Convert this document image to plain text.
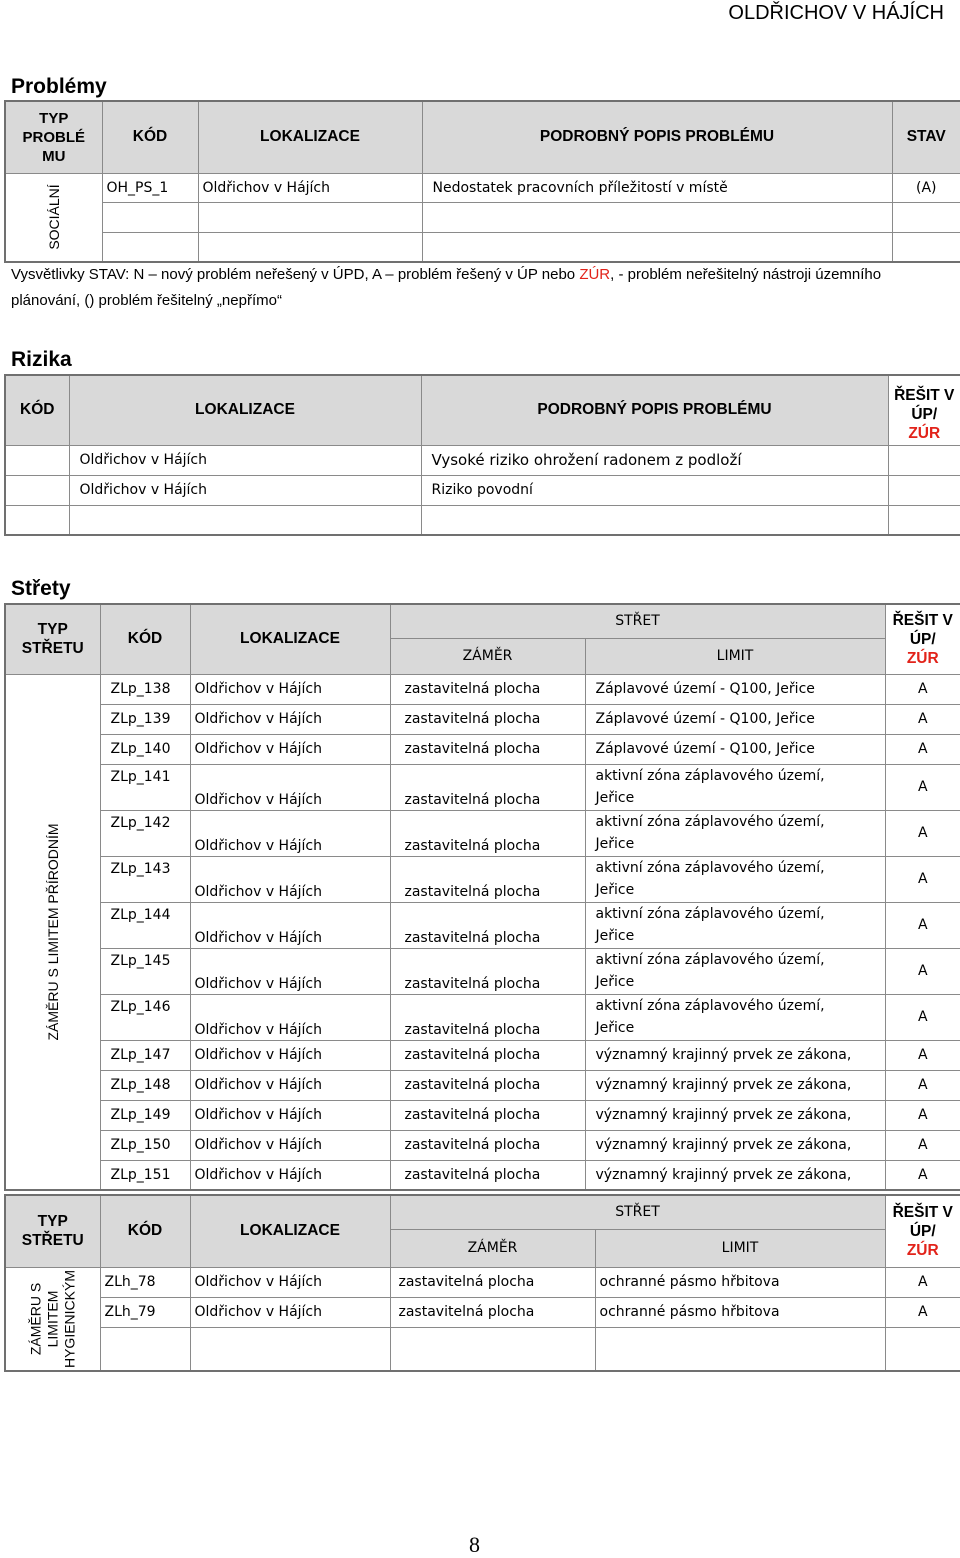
OLDŘICHOV V HÁJÍCH
Problémy
TYP PROBLÉ MU	KÓD	LOKALIZACE	PODROBNÝ POPIS PROBLÉMU	STAV

SOCIÁLNÍ	OH_PS_1	Oldřichov v Hájích	Nedostatek pracovních příležitostí v místě	(A)

Vysvětlivky STAV: N – nový problém neřešený v ÚPD, A – problém řešený v ÚP nebo ZÚR, - problém neřešitelný nástroji územního plánování, () problém řešitelný „nepřímo“
Rizika
KÓD	LOKALIZACE	PODROBNÝ POPIS PROBLÉMU	ŘEŠIT V ÚP/
ZÚR
	Oldřichov v Hájích	Vysoké riziko ohrožení radonem z podloží	
	Oldřichov v Hájích	Riziko povodní	

Střety
TYP STŘETU	KÓD	LOKALIZACE	STŘET		ŘEŠIT V ÚP/
ZÚR
			ZÁMĚR	LIMIT	

ZÁMĚRU S LIMITEM PŘÍRODNÍM	ZLp_138	Oldřichov v Hájích	zastavitelná plocha	Záplavové území - Q100, Jeřice	A
	ZLp_139	Oldřichov v Hájích	zastavitelná plocha	Záplavové území - Q100, Jeřice	A
	ZLp_140	Oldřichov v Hájích	zastavitelná plocha	Záplavové území - Q100, Jeřice	A
	ZLp_141	Oldřichov v Hájích	zastavitelná plocha	aktivní zóna záplavového území,
Jeřice	A
	ZLp_142	Oldřichov v Hájích	zastavitelná plocha	aktivní zóna záplavového území,
Jeřice	A
	ZLp_143	Oldřichov v Hájích	zastavitelná plocha	aktivní zóna záplavového území,
Jeřice	A
	ZLp_144	Oldřichov v Hájích	zastavitelná plocha	aktivní zóna záplavového území,
Jeřice	A
	ZLp_145	Oldřichov v Hájích	zastavitelná plocha	aktivní zóna záplavového území,
Jeřice	A
	ZLp_146	Oldřichov v Hájích	zastavitelná plocha	aktivní zóna záplavového území,
Jeřice	A
	ZLp_147	Oldřichov v Hájích	zastavitelná plocha	významný krajinný prvek ze zákona,	A
	ZLp_148	Oldřichov v Hájích	zastavitelná plocha	významný krajinný prvek ze zákona,	A
	ZLp_149	Oldřichov v Hájích	zastavitelná plocha	významný krajinný prvek ze zákona,	A
	ZLp_150	Oldřichov v Hájích	zastavitelná plocha	významný krajinný prvek ze zákona,	A
	ZLp_151	Oldřichov v Hájích	zastavitelná plocha	významný krajinný prvek ze zákona,	A
TYP STŘETU	KÓD	LOKALIZACE	STŘET		ŘEŠIT V ÚP/
ZÚR
			ZÁMĚR	LIMIT	

ZÁMĚRU S LIMITEM HYGIENICKÝM	ZLh_78	Oldřichov v Hájích	zastavitelná plocha	ochranné pásmo hřbitova	A
	ZLh_79	Oldřichov v Hájích	zastavitelná plocha	ochranné pásmo hřbitova	A

8
